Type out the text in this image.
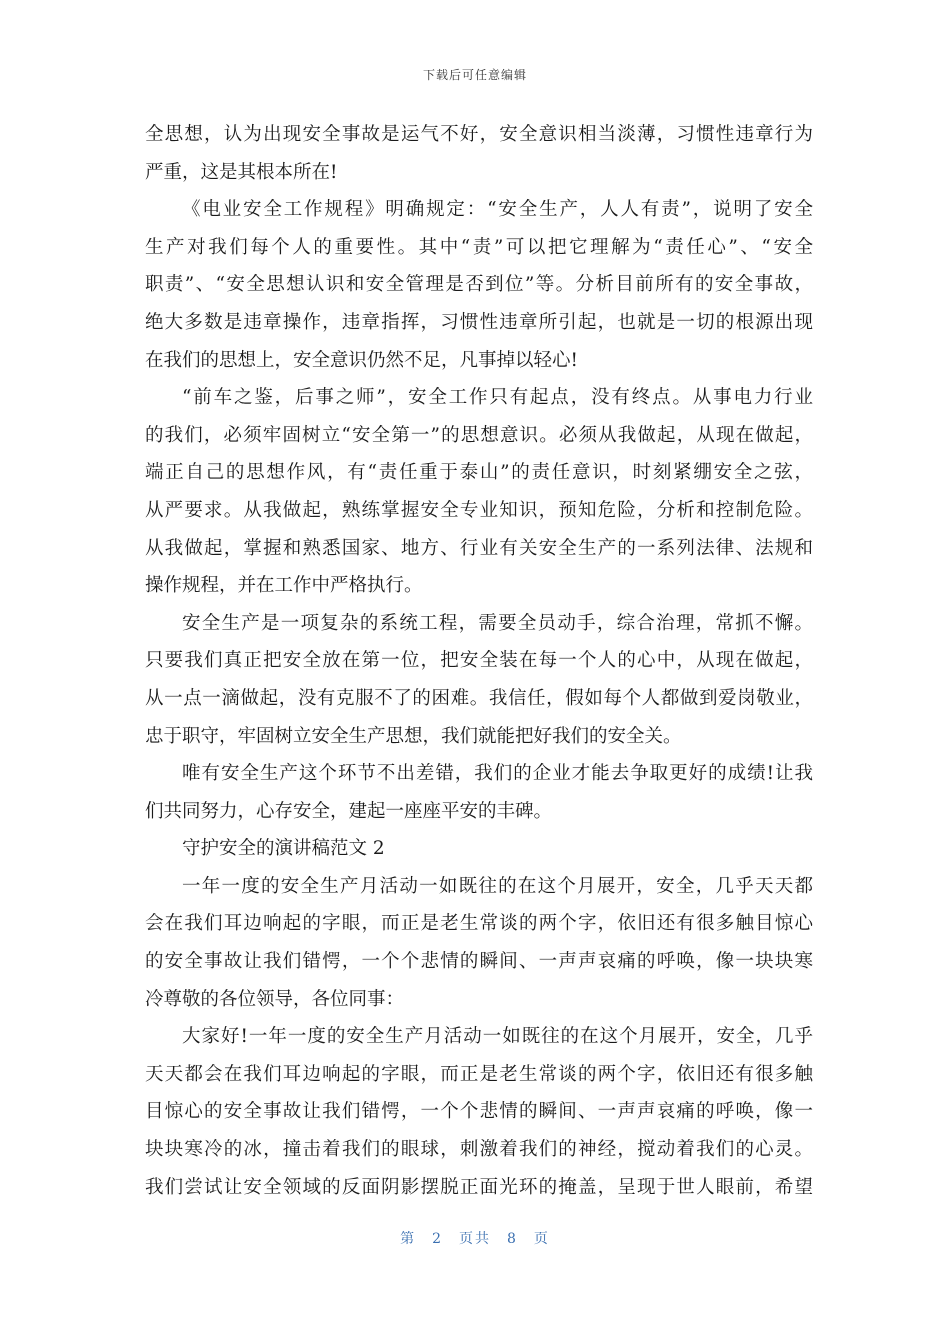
下载后可任意编辑
全思想，认为出现安全事故是运气不好，安全意识相当淡薄，习惯性违章行为
严重，这是其根本所在!
《电业安全工作规程》明确规定：“安全生产，人人有责”，说明了安全
生产对我们每个人的重要性。其中“责”可以把它理解为“责任心”、“安全
职责”、“安全思想认识和安全管理是否到位”等。分析目前所有的安全事故，
绝大多数是违章操作，违章指挥，习惯性违章所引起，也就是一切的根源出现
在我们的思想上，安全意识仍然不足，凡事掉以轻心!
“前车之鉴，后事之师”，安全工作只有起点，没有终点。从事电力行业
的我们，必须牢固树立“安全第一”的思想意识。必须从我做起，从现在做起，
端正自己的思想作风，有“责任重于泰山”的责任意识，时刻紧绷安全之弦，
从严要求。从我做起，熟练掌握安全专业知识，预知危险，分析和控制危险。
从我做起，掌握和熟悉国家、地方、行业有关安全生产的一系列法律、法规和
操作规程，并在工作中严格执行。
安全生产是一项复杂的系统工程，需要全员动手，综合治理，常抓不懈。
只要我们真正把安全放在第一位，把安全装在每一个人的心中，从现在做起，
从一点一滴做起，没有克服不了的困难。我信任，假如每个人都做到爱岗敬业，
忠于职守，牢固树立安全生产思想，我们就能把好我们的安全关。
唯有安全生产这个环节不出差错，我们的企业才能去争取更好的成绩!让我
们共同努力，心存安全，建起一座座平安的丰碑。
守护安全的演讲稿范文 2
一年一度的安全生产月活动一如既往的在这个月展开，安全，几乎天天都
会在我们耳边响起的字眼，而正是老生常谈的两个字，依旧还有很多触目惊心
的安全事故让我们错愕，一个个悲情的瞬间、一声声哀痛的呼唤，像一块块寒
冷尊敬的各位领导，各位同事：
大家好!一年一度的安全生产月活动一如既往的在这个月展开，安全，几乎
天天都会在我们耳边响起的字眼，而正是老生常谈的两个字，依旧还有很多触
目惊心的安全事故让我们错愕，一个个悲情的瞬间、一声声哀痛的呼唤，像一
块块寒冷的冰，撞击着我们的眼球，刺激着我们的神经，搅动着我们的心灵。
我们尝试让安全领域的反面阴影摆脱正面光环的掩盖，呈现于世人眼前，希望
第 2 页共 8 页
